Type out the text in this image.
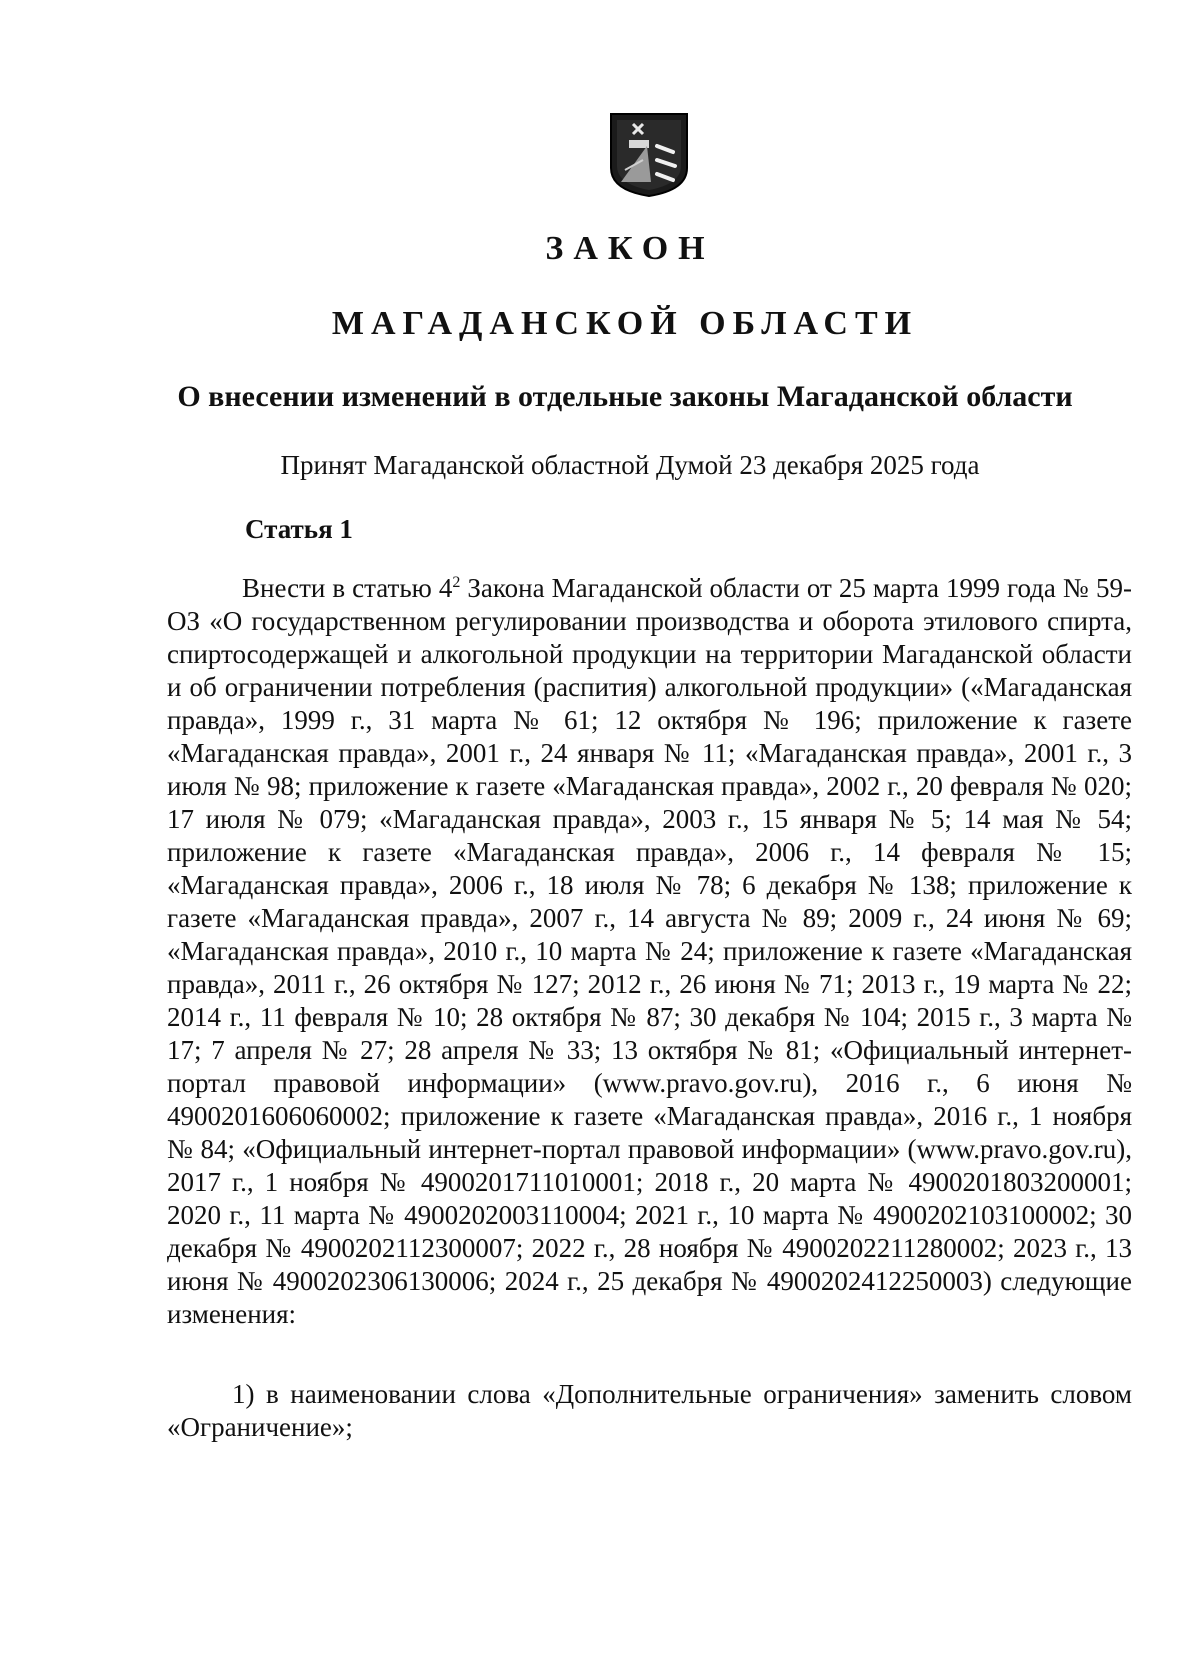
ЗАКОН
МАГАДАНСКОЙ ОБЛАСТИ
О внесении изменений в отдельные законы Магаданской области
Принят Магаданской областной Думой 23 декабря 2025 года
Статья 1

Внести в статью $4^2$ Закона Магаданской области от 25 марта 1999 года № 59-ОЗ «О государственном регулировании производства и оборота этилового спирта, спиртосодержащей и алкогольной продукции на территории Магаданской области и об ограничении потребления (распития) алкогольной продукции» («Магаданская правда», 1999 г., 31 марта № 61; 12 октября № 196; приложение к газете «Магаданская правда», 2001 г., 24 января № 11; «Магаданская правда», 2001 г., 3 июля № 98; приложение к газете «Магаданская правда», 2002 г., 20 февраля № 020; 17 июля № 079; «Магаданская правда», 2003 г., 15 января № 5; 14 мая № 54; приложение к газете «Магаданская правда», 2006 г., 14 февраля № 15; «Магаданская правда», 2006 г., 18 июля № 78; 6 декабря № 138; приложение к газете «Магаданская правда», 2007 г., 14 августа № 89; 2009 г., 24 июня № 69; «Магаданская правда», 2010 г., 10 марта № 24; приложение к газете «Магаданская правда», 2011 г., 26 октября № 127; 2012 г., 26 июня № 71; 2013 г., 19 марта № 22; 2014 г., 11 февраля № 10; 28 октября № 87; 30 декабря № 104; 2015 г., 3 марта № 17; 7 апреля № 27; 28 апреля № 33; 13 октября № 81; «Официальный интернет-портал правовой информации» (www.pravo.gov.ru), 2016 г., 6 июня № 4900201606060002; приложение к газете «Магаданская правда», 2016 г., 1 ноября № 84; «Официальный интернет-портал правовой информации» (www.pravo.gov.ru), 2017 г., 1 ноября № 4900201711010001; 2018 г., 20 марта № 4900201803200001; 2020 г., 11 марта № 4900202003110004; 2021 г., 10 марта № 4900202103100002; 30 декабря № 4900202112300007; 2022 г., 28 ноября № 4900202211280002; 2023 г., 13 июня № 4900202306130006; 2024 г., 25 декабря № 4900202412250003) следующие изменения:

1) в наименовании слова «Дополнительные ограничения» заменить словом «Ограничение»;
